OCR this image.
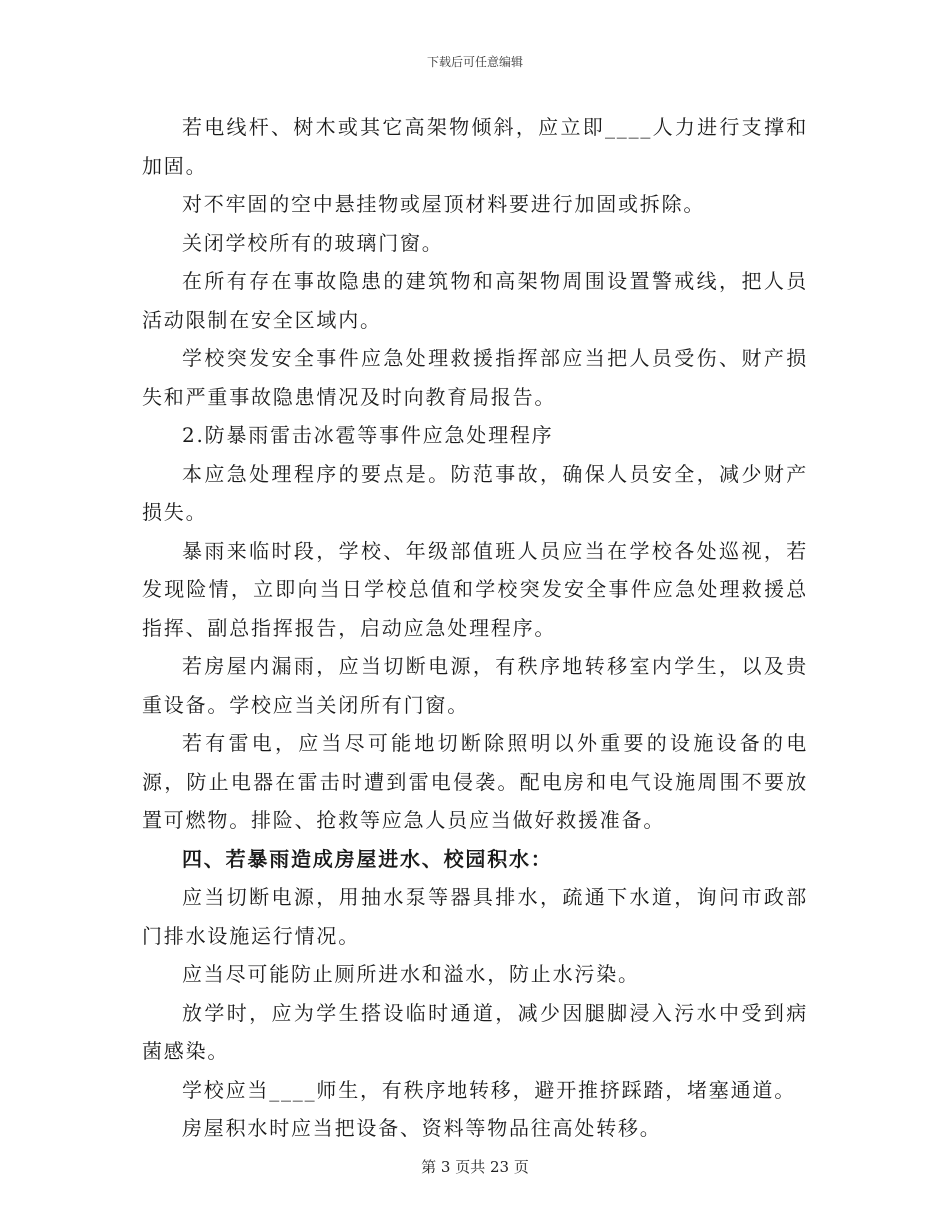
下载后可任意编辑

若电线杆、树木或其它高架物倾斜，应立即____人力进行支撑和加固。

对不牢固的空中悬挂物或屋顶材料要进行加固或拆除。

关闭学校所有的玻璃门窗。

在所有存在事故隐患的建筑物和高架物周围设置警戒线，把人员活动限制在安全区域内。

学校突发安全事件应急处理救援指挥部应当把人员受伤、财产损失和严重事故隐患情况及时向教育局报告。

2.防暴雨雷击冰雹等事件应急处理程序

本应急处理程序的要点是。防范事故，确保人员安全，减少财产损失。

暴雨来临时段，学校、年级部值班人员应当在学校各处巡视，若发现险情，立即向当日学校总值和学校突发安全事件应急处理救援总指挥、副总指挥报告，启动应急处理程序。

若房屋内漏雨，应当切断电源，有秩序地转移室内学生，以及贵重设备。学校应当关闭所有门窗。

若有雷电，应当尽可能地切断除照明以外重要的设施设备的电源，防止电器在雷击时遭到雷电侵袭。配电房和电气设施周围不要放置可燃物。排险、抢救等应急人员应当做好救援准备。

四、若暴雨造成房屋进水、校园积水：

应当切断电源，用抽水泵等器具排水，疏通下水道，询问市政部门排水设施运行情况。

应当尽可能防止厕所进水和溢水，防止水污染。

放学时，应为学生搭设临时通道，减少因腿脚浸入污水中受到病菌感染。

学校应当____师生，有秩序地转移，避开推挤踩踏，堵塞通道。

房屋积水时应当把设备、资料等物品往高处转移。

第 3 页共 23 页
